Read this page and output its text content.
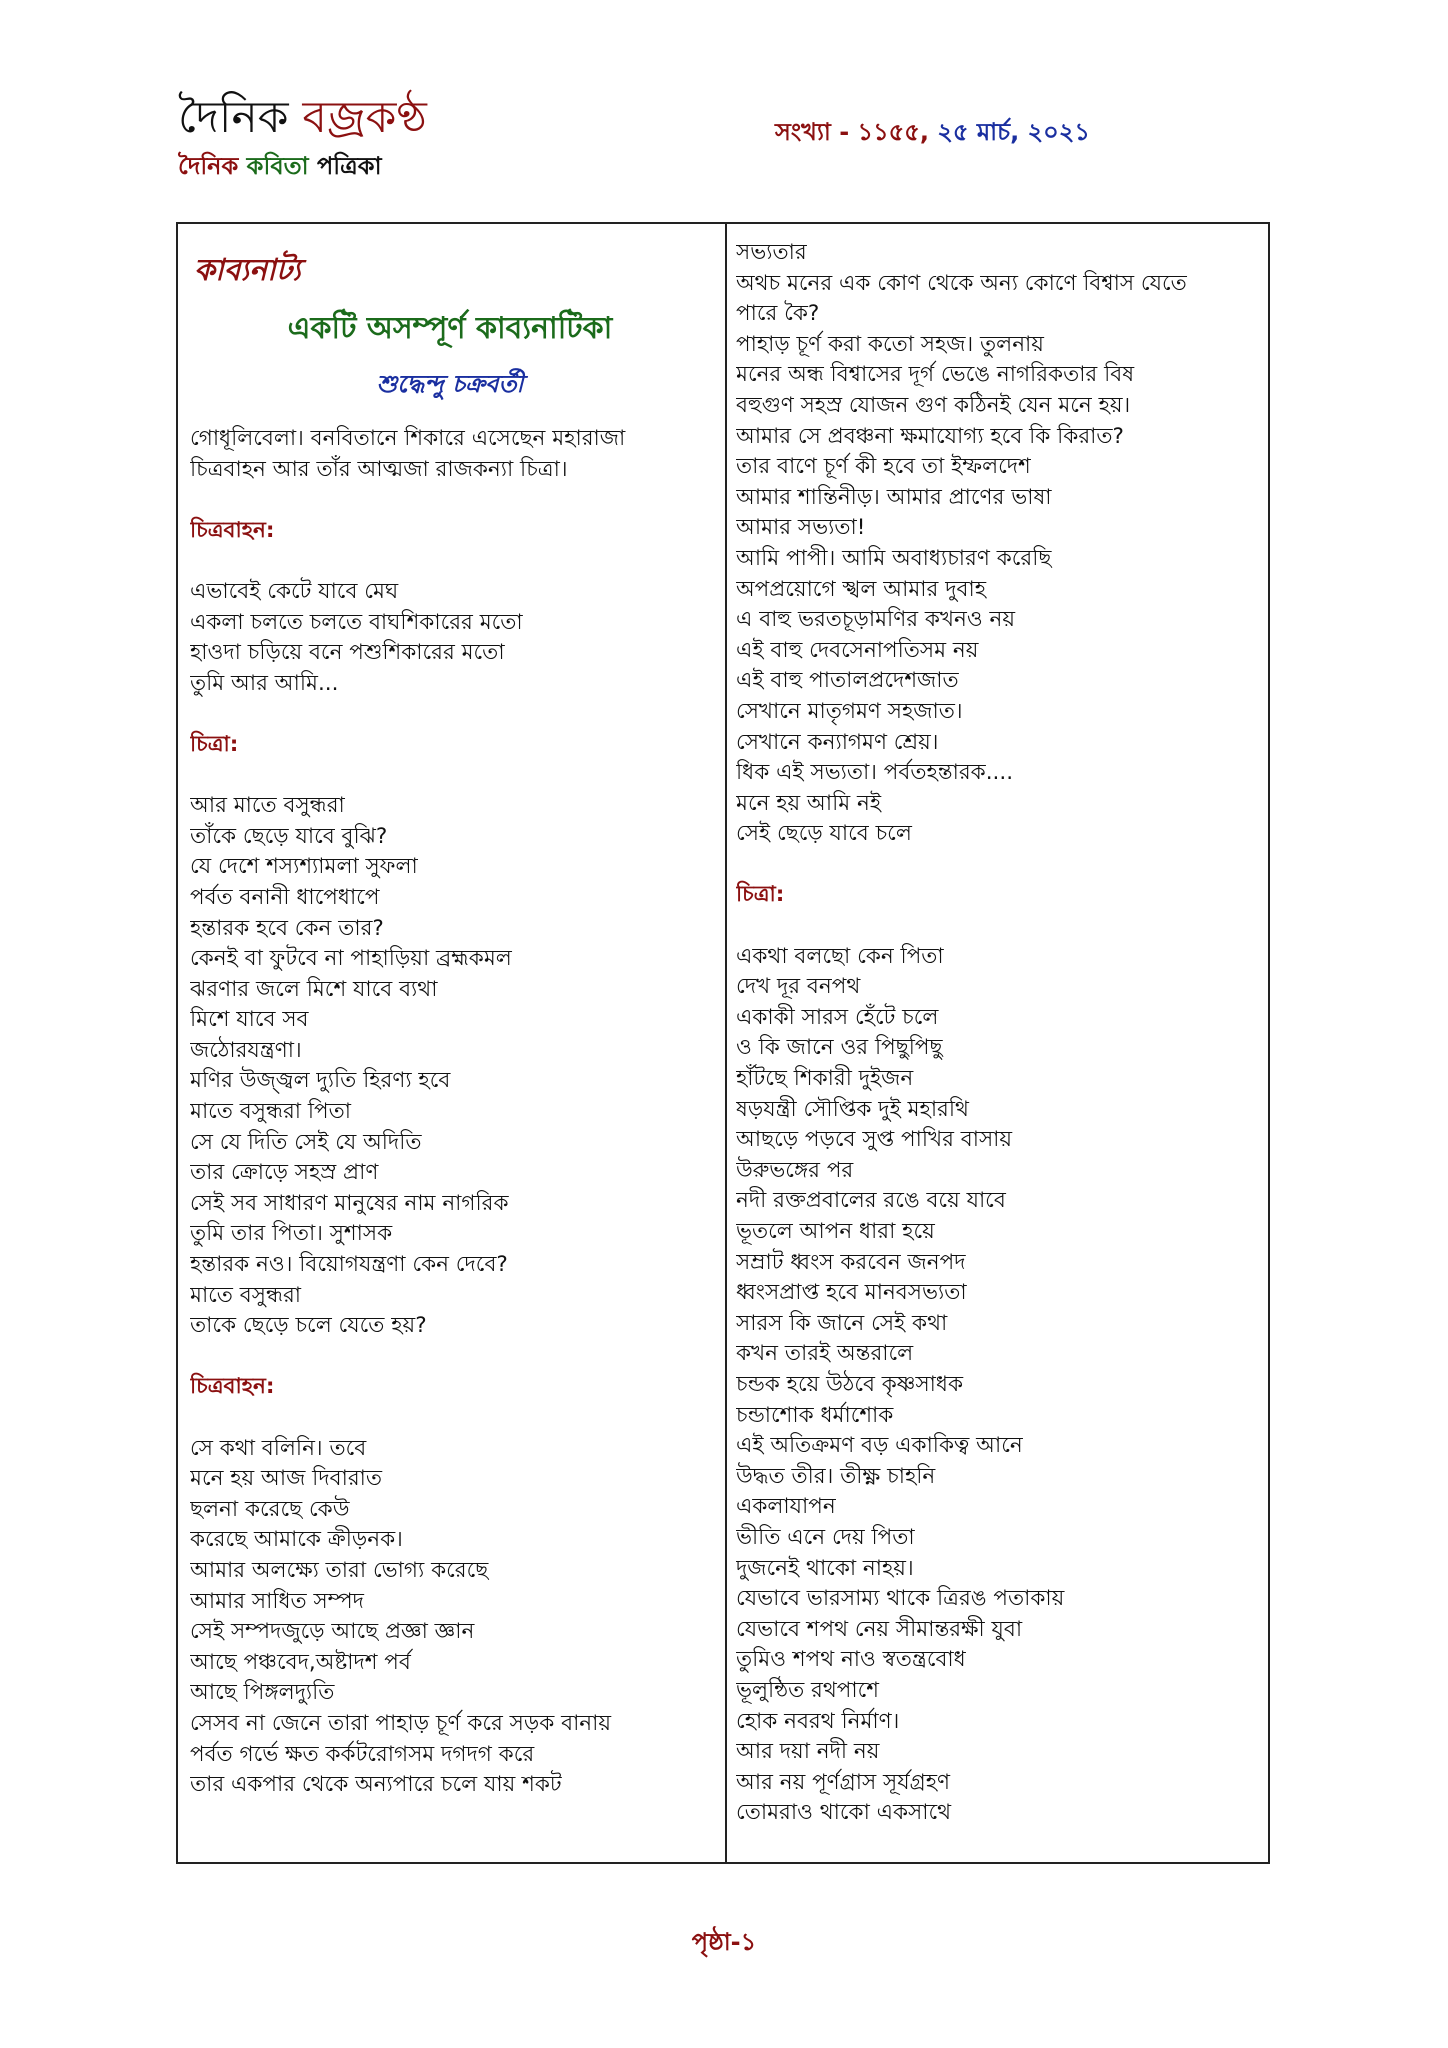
দৈনিক বজ্রকণ্ঠ
দৈনিক কবিতা পত্রিকা
সংখ্যা - ১১৫৫, ২৫ মার্চ, ২০২১
কাব্যনাট্য
একটি অসম্পূর্ণ কাব্যনাটিকা
শুদ্ধেন্দু চক্রবর্তী
গোধূলিবেলা। বনবিতানে শিকারে এসেছেন মহারাজা
চিত্রবাহন আর তাঁর আত্মজা রাজকন্যা চিত্রা।
চিত্রবাহন:
এভাবেই কেটে যাবে মেঘ
একলা চলতে চলতে বাঘশিকারের মতো
হাওদা চড়িয়ে বনে পশুশিকারের মতো
তুমি আর আমি...
চিত্রা:
আর মাতে বসুন্ধরা
তাঁকে ছেড়ে যাবে বুঝি?
যে দেশে শস্যশ্যামলা সুফলা
পর্বত বনানী ধাপেধাপে
হন্তারক হবে কেন তার?
কেনই বা ফুটবে না পাহাড়িয়া ব্রহ্মকমল
ঝরণার জলে মিশে যাবে ব্যথা
মিশে যাবে সব
জঠোরযন্ত্রণা।
মণির উজ্জ্বল দ্যুতি হিরণ্য হবে
মাতে বসুন্ধরা পিতা
সে যে দিতি সেই যে অদিতি
তার ক্রোড়ে সহস্র প্রাণ
সেই সব সাধারণ মানুষের নাম নাগরিক
তুমি তার পিতা। সুশাসক
হন্তারক নও। বিয়োগযন্ত্রণা কেন দেবে?
মাতে বসুন্ধরা
তাকে ছেড়ে চলে যেতে হয়?
চিত্রবাহন:
সে কথা বলিনি। তবে
মনে হয় আজ দিবারাত
ছলনা করেছে কেউ
করেছে আমাকে ক্রীড়নক।
আমার অলক্ষ্যে তারা ভোগ্য করেছে
আমার সাধিত সম্পদ
সেই সম্পদজুড়ে আছে প্রজ্ঞা জ্ঞান
আছে পঞ্চবেদ,অষ্টাদশ পর্ব
আছে পিঙ্গলদ্যুতি
সেসব না জেনে তারা পাহাড় চূর্ণ করে সড়ক বানায়
পর্বত গর্ভে ক্ষত কর্কটরোগসম দগদগ করে
তার একপার থেকে অন্যপারে চলে যায় শকট
সভ্যতার
অথচ মনের এক কোণ থেকে অন্য কোণে বিশ্বাস যেতে
পারে কৈ?
পাহাড় চূর্ণ করা কতো সহজ। তুলনায়
মনের অন্ধ বিশ্বাসের দূর্গ ভেঙে নাগরিকতার বিষ
বহুগুণ সহস্র যোজন গুণ কঠিনই যেন মনে হয়।
আমার সে প্রবঞ্চনা ক্ষমাযোগ্য হবে কি কিরাত?
তার বাণে চূর্ণ কী হবে তা ইম্ফলদেশ
আমার শান্তিনীড়। আমার প্রাণের ভাষা
আমার সভ্যতা!
আমি পাপী। আমি অবাধ্যচারণ করেছি
অপপ্রয়োগে স্খল আমার দুবাহ
এ বাহু ভরতচূড়ামণির কখনও নয়
এই বাহু দেবসেনাপতিসম নয়
এই বাহু পাতালপ্রদেশজাত
সেখানে মাতৃগমণ সহজাত।
সেখানে কন্যাগমণ শ্রেয়।
ধিক এই সভ্যতা। পর্বতহন্তারক....
মনে হয় আমি নই
সেই ছেড়ে যাবে চলে
চিত্রা:
একথা বলছো কেন পিতা
দেখ দূর বনপথ
একাকী সারস হেঁটে চলে
ও কি জানে ওর পিছুপিছু
হাঁটছে শিকারী দুইজন
ষড়যন্ত্রী সৌপ্তিক দুই মহারথি
আছড়ে পড়বে সুপ্ত পাখির বাসায়
উরুভঙ্গের পর
নদী রক্তপ্রবালের রঙে বয়ে যাবে
ভূতলে আপন ধারা হয়ে
সম্রাট ধ্বংস করবেন জনপদ
ধ্বংসপ্রাপ্ত হবে মানবসভ্যতা
সারস কি জানে সেই কথা
কখন তারই অন্তরালে
চন্ডক হয়ে উঠবে কৃষ্ণসাধক
চন্ডাশোক ধর্মাশোক
এই অতিক্রমণ বড় একাকিত্ব আনে
উদ্ধত তীর। তীক্ষ্ণ চাহনি
একলাযাপন
ভীতি এনে দেয় পিতা
দুজনেই থাকো নাহয়।
যেভাবে ভারসাম্য থাকে ত্রিরঙ পতাকায়
যেভাবে শপথ নেয় সীমান্তরক্ষী যুবা
তুমিও শপথ নাও স্বতন্ত্রবোধ
ভূলুন্ঠিত রথপাশে
হোক নবরথ নির্মাণ।
আর দয়া নদী নয়
আর নয় পূর্ণগ্রাস সূর্যগ্রহণ
তোমরাও থাকো একসাথে
পৃষ্ঠা-১
